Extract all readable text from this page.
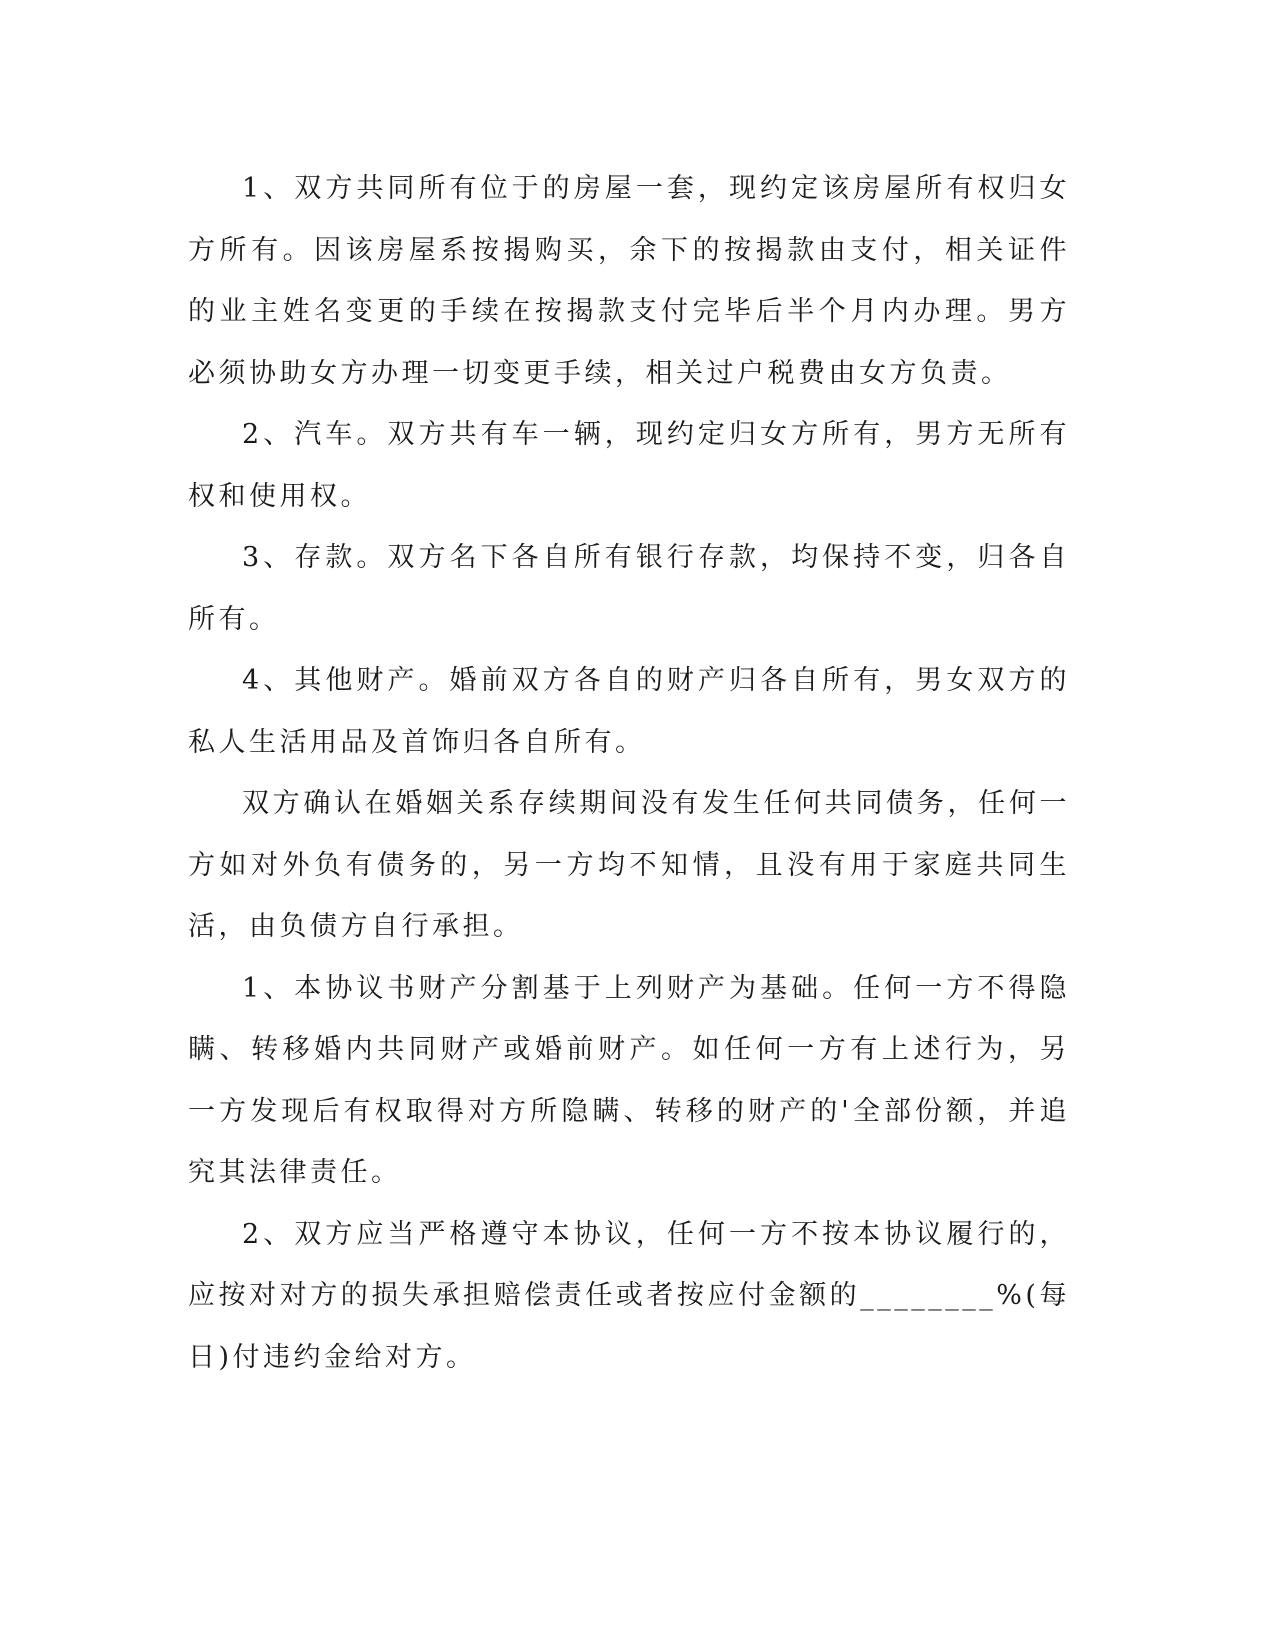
1、双方共同所有位于的房屋一套，现约定该房屋所有权归女方所有。因该房屋系按揭购买，余下的按揭款由支付，相关证件的业主姓名变更的手续在按揭款支付完毕后半个月内办理。男方必须协助女方办理一切变更手续，相关过户税费由女方负责。

2、汽车。双方共有车一辆，现约定归女方所有，男方无所有权和使用权。

3、存款。双方名下各自所有银行存款，均保持不变，归各自所有。

4、其他财产。婚前双方各自的财产归各自所有，男女双方的私人生活用品及首饰归各自所有。

双方确认在婚姻关系存续期间没有发生任何共同债务，任何一方如对外负有债务的，另一方均不知情，且没有用于家庭共同生活，由负债方自行承担。

1、本协议书财产分割基于上列财产为基础。任何一方不得隐瞒、转移婚内共同财产或婚前财产。如任何一方有上述行为，另一方发现后有权取得对方所隐瞒、转移的财产的'全部份额，并追究其法律责任。

2、双方应当严格遵守本协议，任何一方不按本协议履行的，应按对对方的损失承担赔偿责任或者按应付金额的________%(每日)付违约金给对方。
